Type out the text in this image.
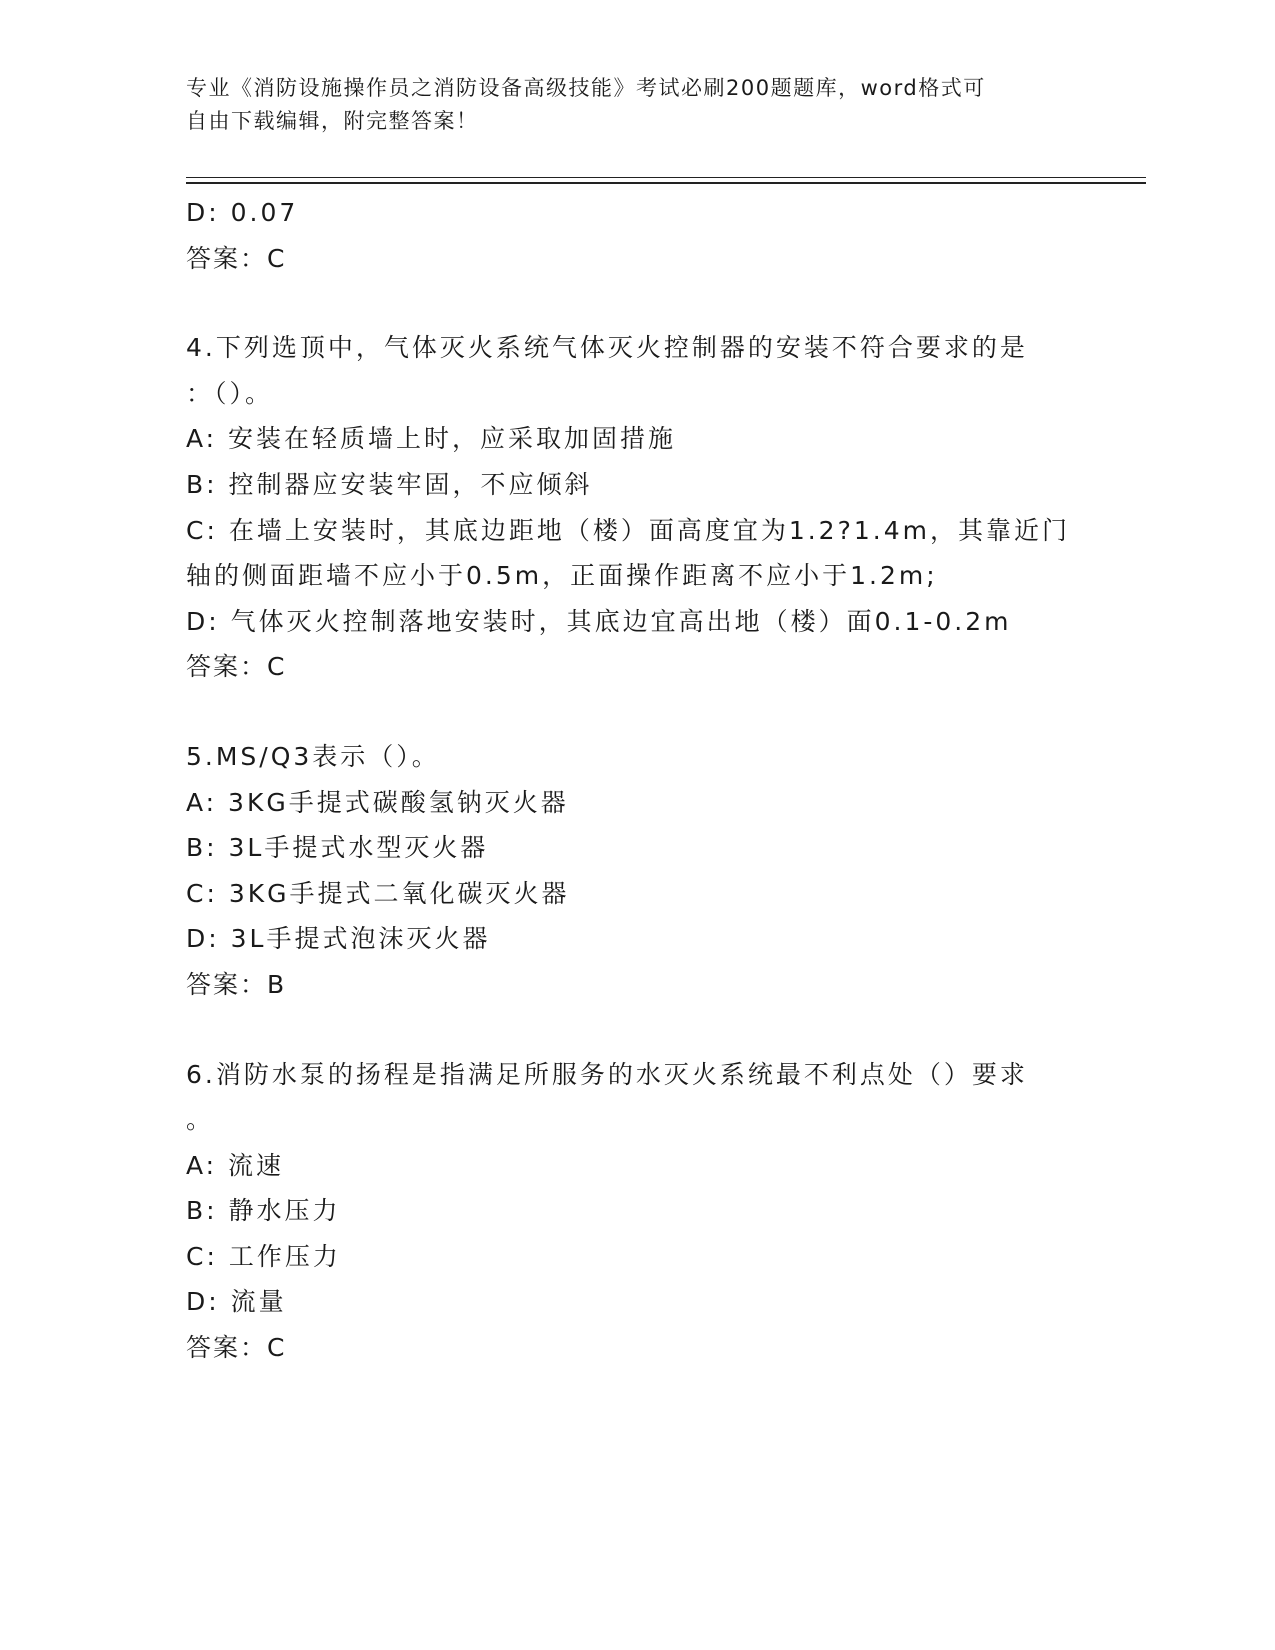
专业《消防设施操作员之消防设备高级技能》考试必刷200题题库，word格式可
自由下载编辑，附完整答案！
D: 0.07
答案：C
4.下列选顶中，气体灭火系统气体灭火控制器的安装不符合要求的是
：（）。
A: 安装在轻质墙上时，应采取加固措施
B: 控制器应安装牢固，不应倾斜
C: 在墙上安装时，其底边距地（楼）面高度宜为1.2?1.4m，其靠近门
轴的侧面距墙不应小于0.5m，正面操作距离不应小于1.2m;
D: 气体灭火控制落地安装时，其底边宜高出地（楼）面0.1-0.2m
答案：C
5.MS/Q3表示（）。
A: 3KG手提式碳酸氢钠灭火器
B: 3L手提式水型灭火器
C: 3KG手提式二氧化碳灭火器
D: 3L手提式泡沫灭火器
答案：B
6.消防水泵的扬程是指满足所服务的水灭火系统最不利点处（）要求
。
A: 流速
B: 静水压力
C: 工作压力
D: 流量
答案：C
